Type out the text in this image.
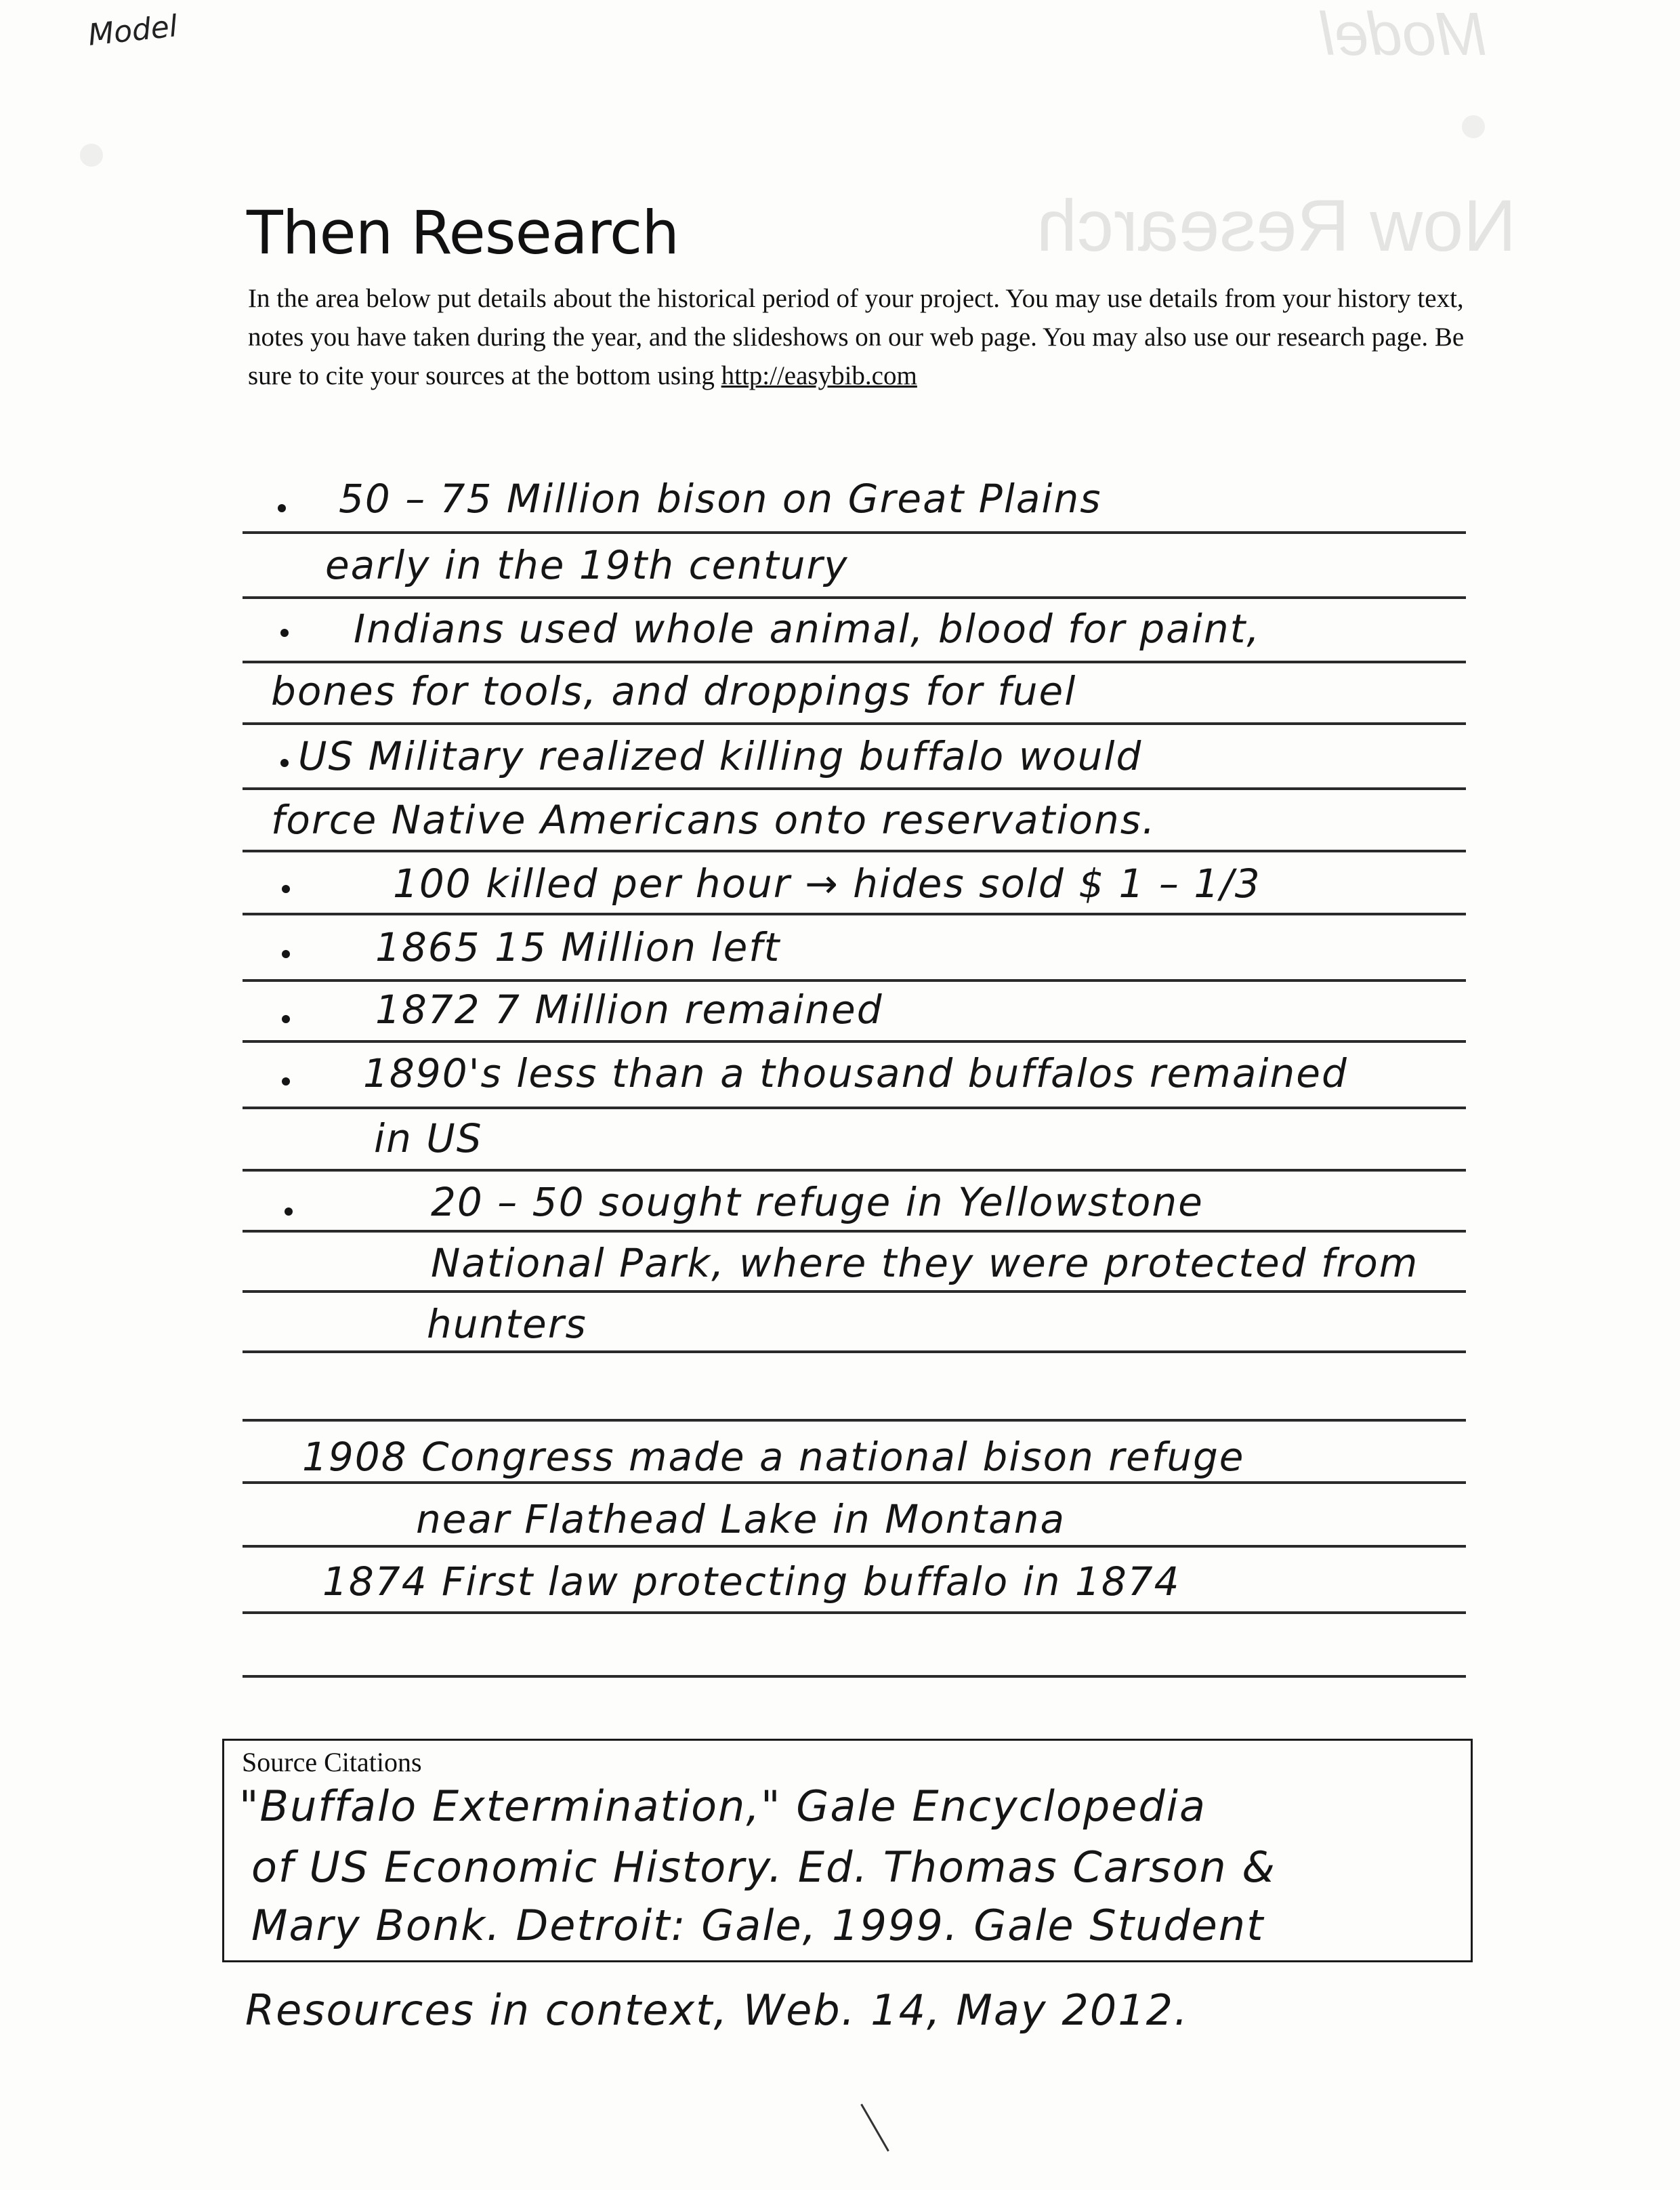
Model
Now Research
Model
Then Research
In the area below put details about the historical period of your project. You may use details from your history text, notes you have taken during the year, and the slideshows on our web page. You may also use our research page. Be sure to cite your sources at the bottom using http://easybib.com
50 – 75 Million bison on Great Plains
early in the 19th century
Indians used whole animal, blood for paint,
bones for tools, and droppings for fuel
US Military realized killing buffalo would
force Native Americans onto reservations.
100 killed per hour → hides sold $ 1 – 1/3
1865 15 Million left
1872 7 Million remained
1890's less than a thousand buffalos remained
in US
20 – 50 sought refuge in Yellowstone
National Park, where they were protected from
hunters
1908 Congress made a national bison refuge
near Flathead Lake in Montana
1874 First law protecting buffalo in 1874
Source Citations
"Buffalo Extermination," Gale Encyclopedia
of US Economic History. Ed. Thomas Carson &
Mary Bonk. Detroit: Gale, 1999. Gale Student
Resources in context, Web. 14, May 2012.
